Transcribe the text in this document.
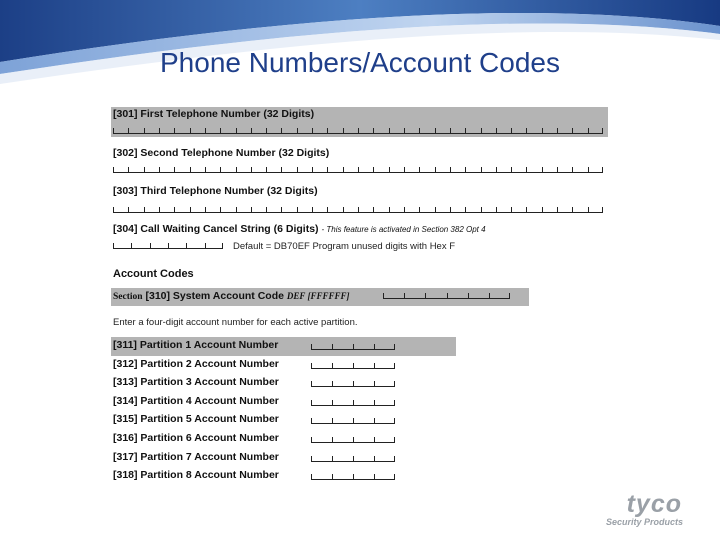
Phone Numbers/Account Codes
[301] First Telephone Number (32 Digits)
[302] Second Telephone Number (32 Digits)
[303] Third Telephone Number (32 Digits)
[304] Call Waiting Cancel String (6 Digits) - This feature is activated in Section 382 Opt 4
Default = DB70EF Program unused digits with Hex F
Account Codes
Section [310] System Account Code DEF [FFFFFF]
Enter a four-digit account number for each active partition.
[311] Partition 1 Account Number
[312] Partition 2 Account Number
[313] Partition 3 Account Number
[314] Partition 4 Account Number
[315] Partition 5 Account Number
[316] Partition 6 Account Number
[317] Partition 7 Account Number
[318] Partition 8 Account Number
tyco
Security Products
